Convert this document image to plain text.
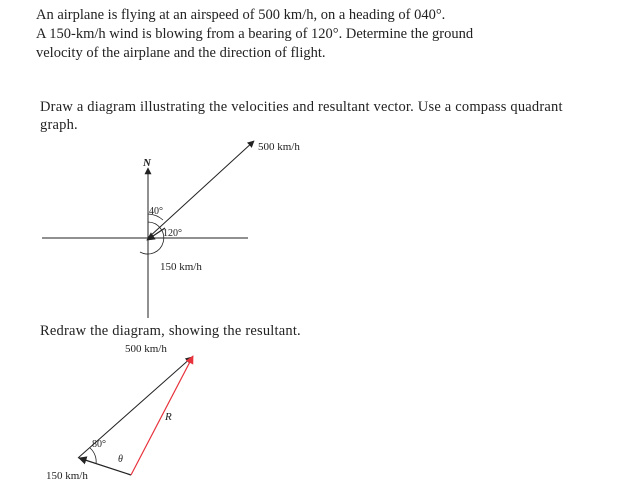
An airplane is flying at an airspeed of 500 km/h, on a heading of 040°.

A 150-km/h wind is blowing from a bearing of 120°. Determine the ground

velocity of the airplane and the direction of flight.

Draw a diagram illustrating the velocities and resultant vector. Use a compass quadrant graph.
Redraw the diagram, showing the resultant.
N
500 km/h
40°
120°
150 km/h
500 km/h
R⃗
80°
θ
150 km/h
